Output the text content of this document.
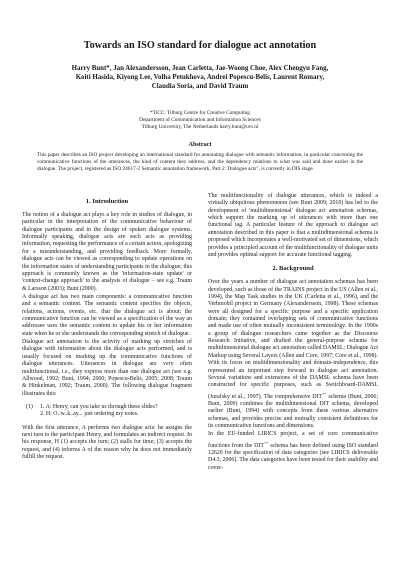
Towards an ISO standard for dialogue act annotation
Harry Bunt*, Jan Alexandersson, Jean Carletta, Jae-Woong Choe, Alex Chengyu Fang,
Koiti Hasida, Kiyong Lee, Volha Petukhova, Andrei Popescu-Belis, Laurent Romary,
Claudia Soria, and David Traum
*TiCC: Tilburg Centre for Creative Computing
Department of Communication and Information Sciences
Tilburg University, The Netherlands harry.bunt@uvt.nl
Abstract
This paper describes an ISO project developing an international standard for annotating dialogue with semantic information, in particular concerning the communicative functions of the utterances, the kind of content they address, and the dependency relations to what was said and done earlier in the dialogue. The project, registered as ISO 24617-2 Semantic annotation framework, Part 2: Dialogue acts", is currently in DIS stage.
1. Introduction

The notion of a dialogue act plays a key role in studies of dialogue, in particular in the interpretation of the communicative behaviour of dialogue participants and in the design of spoken dialogue systems. Informally speaking, dialogue acts are such acts as providing information, requesting the performance of a certain action, apologizing for a misunderstanding, and providing feedback. More formally, dialogue acts can be viewed as corresponding to update operations on the information states of understanding participants in the dialogue; this approach is commonly known as the 'information-state update' or 'context-change approach' to the analysis of dialogue – see e.g. Traum & Larsson (2003); Bunt (2000).

A dialogue act has two main components: a communicative function and a semantic content. The semantic content specifies the objects, relations, actions, events, etc. that the dialogue act is about; the communicative function can be viewed as a specification of the way an addressee uses the semantic content to update his or her information state when he or she understands the corresponding stretch of dialogue.

Dialogue act annotation is the activity of marking up stretches of dialogue with information about the dialogue acts performed, and is usually focused on marking up the communicative functions of dialogue utterances. Utterances in dialogue are very often multifunctional, i.e., they express more than one dialogue act (see e.g. Allwood, 1992; Bunt, 1994; 2000; Popescu-Belis, 2005; 2008; Traum & Hinkelman, 1992; Traum, 2000). The following dialogue fragment illustrates this:

(1)	1. A: Henry, can you take us through these slides?
2. H: O..w..k..ay... just ordering my notes.

With the first utterance, A performs two dialogue acts: he assigns the next turn to the participant Henry, and formulates an indirect request. In his response, H (1) accepts the turn; (2) stalls for time; (3) accepts the request, and (4) informs A of the reason why he does not immediately fulfill the request.

The multifunctionality of dialogue utterances, which is indeed a virtually ubiquitous phenomenon (see Bunt 2009; 2010) has led to the development of 'multidimensional' dialogue act annotation schemas, which support the marking up of utterances with more than one functional tag. A particular feature of the approach to dialogue act annotation described in this paper is that a multidimensional schema is proposed which incorporates a well-motivated set of dimensions, which provides a principled account of the multifunctionality of dialogue units and provides optimal support for accurate functional tagging.

2. Background

Over the years a number of dialogue act annotation schemas has been developed, such as those of the TRAINS project in the US (Allen et al., 1994), the Map Task studies in the UK (Carletta et al., 1996), and the Verbmobil project in Germany (Alexandersson, 1998). These schemas were all designed for a specific purpose and a specific application domain; they contained overlapping sets of communicative functions and made use of often mutually inconsistent terminology. In the 1990s a group of dialogue researchers came together as the Discourse Research Initiative, and drafted the general-purpose schema for multidimensional dialogue act annotation called DAMSL: Dialogue Act Markup using Several Layers (Allen and Core, 1997; Core et al., 1998). With its focus on multidimensionality and domain-independence, this represented an important step forward in dialogue act annotation. Several variations and extensions of the DAMSL schema have been constructed for specific purposes, such as Switchboard-DAMSL (Jurafsky et al., 1997). The comprehensive DIT++ schema (Bunt, 2006; Bunt, 2009) combines the multidimensional DIT schema, developed earlier (Bunt, 1994) with concepts from these various alternative schemas, and provides precise and mutually consistent definitions for its communicative functions and dimensions.

In the EU-funded LIRICS project, a set of core communicative functions from the DIT++ schema has been defined using ISO standard 12620 for the specification of data categories (see LIRICS deliverable D4.3, 2006). The data categories have been tested for their usability and cover-
